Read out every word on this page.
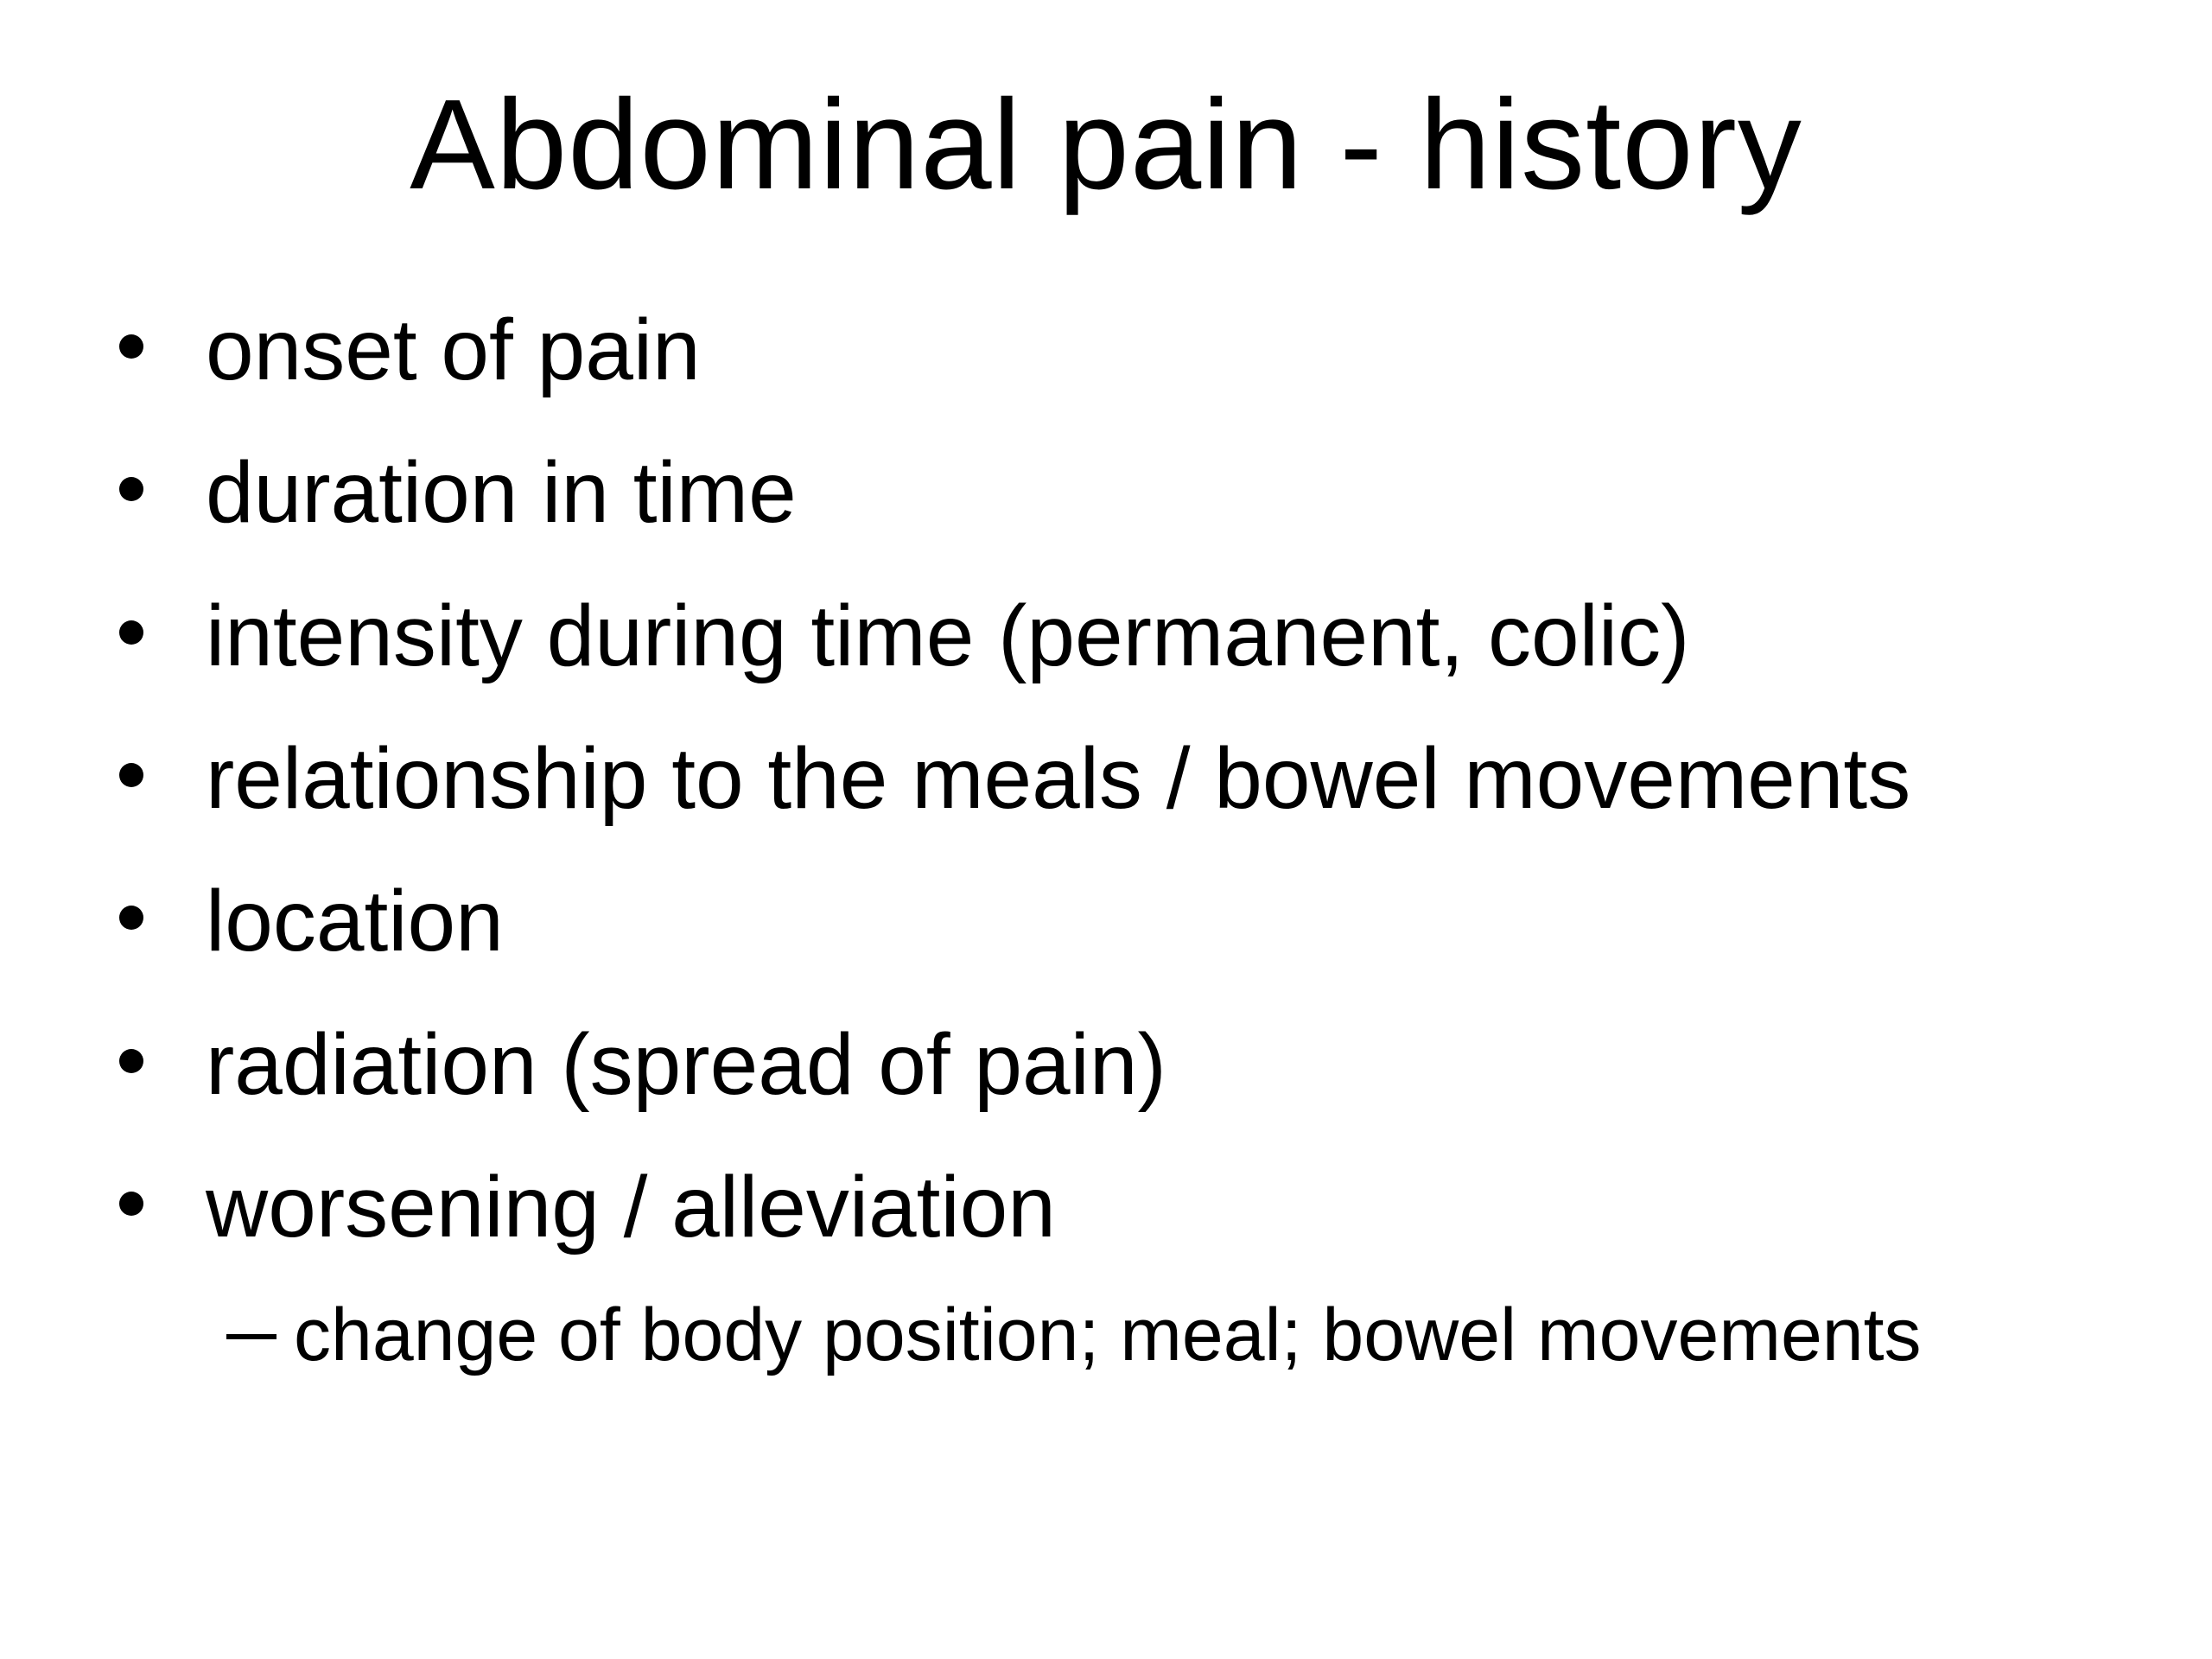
Abdominal pain - history
onset of pain
duration in time
intensity during time (permanent, colic)
relationship to the meals / bowel movements
location
radiation (spread of pain)
worsening / alleviation
change of body position; meal; bowel movements
